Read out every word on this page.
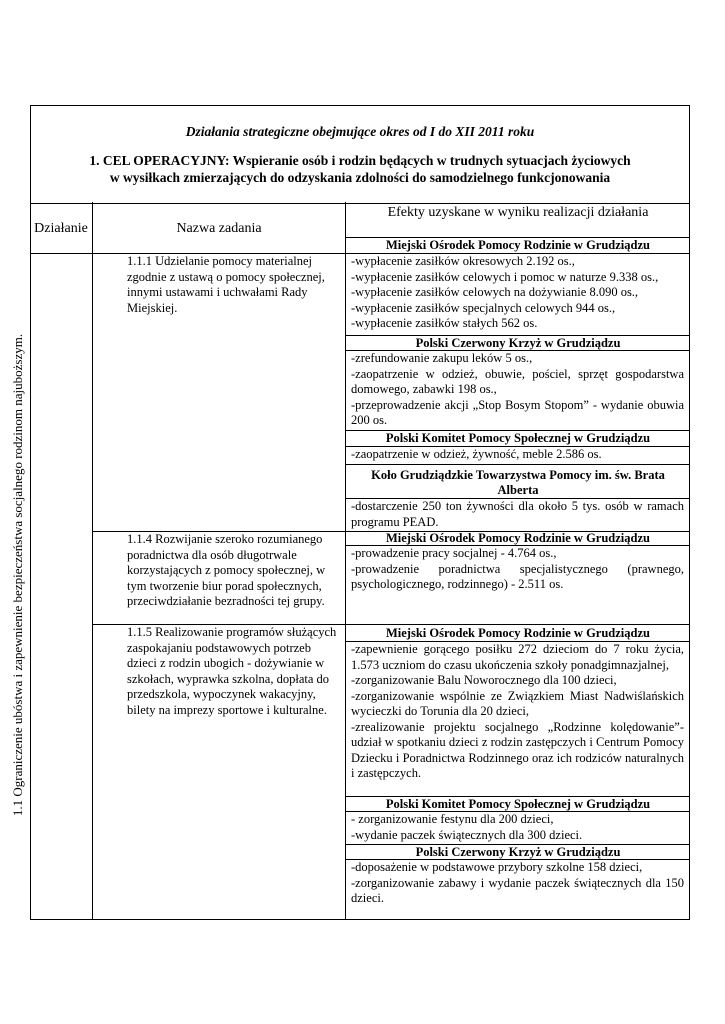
Działania strategiczne obejmujące okres od I do XII 2011 roku
1. CEL OPERACYJNY: Wspieranie osób i rodzin będących w trudnych sytuacjach życiowych
w wysiłkach zmierzających do odzyskania zdolności do samodzielnego funkcjonowania
Działanie	Nazwa zadania
Efekty uzyskane w wyniku realizacji działania
1.1 Ograniczenie ubóstwa i zapewnienie bezpieczeństwa socjalnego rodzinom najuboższym.
1.1.1 Udzielanie pomocy materialnej zgodnie z ustawą o pomocy społecznej, innymi ustawami i uchwałami Rady Miejskiej.
Miejski Ośrodek Pomocy Rodzinie w Grudziądzu
-wypłacenie zasiłków okresowych 2.192 os.,
-wypłacenie zasiłków celowych i pomoc w naturze 9.338 os.,
-wypłacenie zasiłków celowych na dożywianie 8.090 os.,
-wypłacenie zasiłków specjalnych celowych 944 os.,
-wypłacenie zasiłków stałych 562 os.
Polski Czerwony Krzyż w Grudziądzu
-zrefundowanie zakupu leków 5 os.,
-zaopatrzenie w odzież, obuwie, pościel, sprzęt gospodarstwa domowego, zabawki 198 os.,
-przeprowadzenie akcji „Stop Bosym Stopom” - wydanie obuwia 200 os.
Polski Komitet Pomocy Społecznej w Grudziądzu
-zaopatrzenie w odzież, żywność, meble 2.586 os.
Koło Grudziądzkie Towarzystwa Pomocy im. św. Brata Alberta
-dostarczenie 250 ton żywności dla około 5 tys. osób w ramach programu PEAD.
1.1.4 Rozwijanie szeroko rozumianego poradnictwa dla osób długotrwale korzystających z pomocy społecznej, w tym tworzenie biur porad społecznych, przeciwdziałanie bezradności tej grupy.
Miejski Ośrodek Pomocy Rodzinie w Grudziądzu
-prowadzenie pracy socjalnej - 4.764 os.,
-prowadzenie poradnictwa specjalistycznego (prawnego, psychologicznego, rodzinnego) - 2.511 os.
1.1.5 Realizowanie programów służących zaspokajaniu podstawowych potrzeb dzieci z rodzin ubogich - dożywianie w szkołach, wyprawka szkolna, dopłata do przedszkola, wypoczynek wakacyjny, bilety na imprezy sportowe i kulturalne.
Miejski Ośrodek Pomocy Rodzinie w Grudziądzu
-zapewnienie gorącego posiłku 272 dzieciom do 7 roku życia, 1.573 uczniom do czasu ukończenia szkoły ponadgimnazjalnej,
-zorganizowanie Balu Noworocznego dla 100 dzieci,
-zorganizowanie wspólnie ze Związkiem Miast Nadwiślańskich wycieczki do Torunia dla 20 dzieci,
-zrealizowanie projektu socjalnego „Rodzinne kolędowanie”- udział w spotkaniu dzieci z rodzin zastępczych i Centrum Pomocy Dziecku i Poradnictwa Rodzinnego oraz ich rodziców naturalnych i zastępczych.
Polski Komitet Pomocy Społecznej w Grudziądzu
- zorganizowanie festynu dla 200 dzieci,
-wydanie paczek świątecznych dla 300 dzieci.
Polski Czerwony Krzyż w Grudziądzu
-doposażenie w podstawowe przybory szkolne 158 dzieci,
-zorganizowanie zabawy i wydanie paczek świątecznych dla 150 dzieci.
